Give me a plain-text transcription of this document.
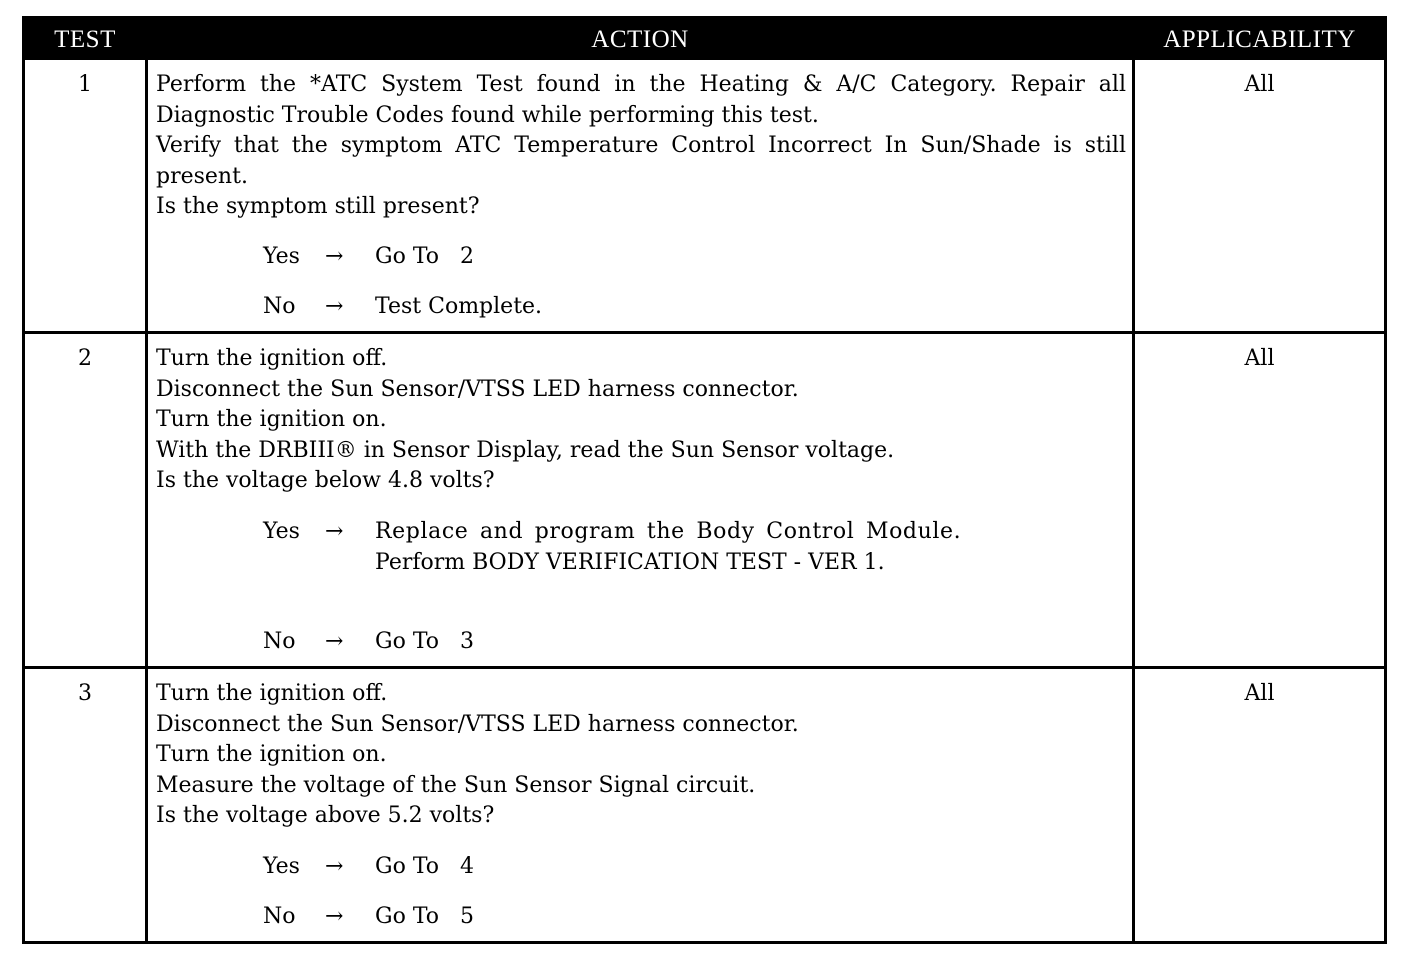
TEST	ACTION	APPLICABILITY
1	Perform the *ATC System Test found in the Heating & A/C Category. Repair all

Diagnostic Trouble Codes found while performing this test.

Verify that the symptom ATC Temperature Control Incorrect In Sun/Shade is still

present.

Is the symptom still present?

Yes → Go To   2
No → Test Complete.
All
2	Turn the ignition off.

Disconnect the Sun Sensor/VTSS LED harness connector.

Turn the ignition on.

With the DRBIII® in Sensor Display, read the Sun Sensor voltage.

Is the voltage below 4.8 volts?

Yes → Replace and program the Body Control Module.
Perform BODY VERIFICATION TEST - VER 1.
No → Go To   3
All
3	Turn the ignition off.

Disconnect the Sun Sensor/VTSS LED harness connector.

Turn the ignition on.

Measure the voltage of the Sun Sensor Signal circuit.

Is the voltage above 5.2 volts?

Yes → Go To   4
No → Go To   5
All
